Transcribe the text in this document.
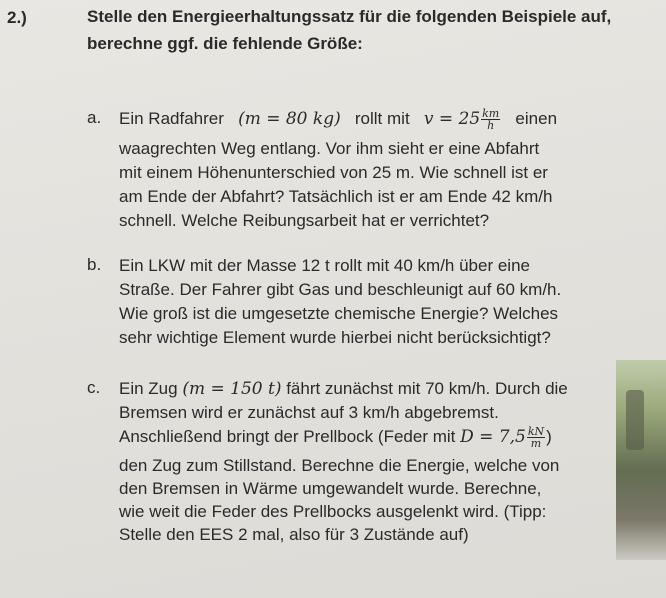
2.)	Stelle den Energieerhaltungssatz für die folgenden Beispiele auf,
berechne ggf. die fehlende Größe:
a. Ein Radfahrer (m = 80 kg) rollt mit $v = 25 \frac{km}{h}$ einen
waagrechten Weg entlang. Vor ihm sieht er eine Abfahrt
mit einem Höhenunterschied von 25 m. Wie schnell ist er
am Ende der Abfahrt? Tatsächlich ist er am Ende 42 km/h
schnell. Welche Reibungsarbeit hat er verrichtet?
b. Ein LKW mit der Masse 12 t rollt mit 40 km/h über eine
Straße. Der Fahrer gibt Gas und beschleunigt auf 60 km/h.
Wie groß ist die umgesetzte chemische Energie? Welches
sehr wichtige Element wurde hierbei nicht berücksichtigt?
c. Ein Zug (m = 150 t) fährt zunächst mit 70 km/h. Durch die
Bremsen wird er zunächst auf 3 km/h abgebremst.
Anschließend bringt der Prellbock (Feder mit $D = 7,5 \frac{kN}{m}$ )
den Zug zum Stillstand. Berechne die Energie, welche von
den Bremsen in Wärme umgewandelt wurde. Berechne,
wie weit die Feder des Prellbocks ausgelenkt wird. (Tipp:
Stelle den EES 2 mal, also für 3 Zustände auf)
